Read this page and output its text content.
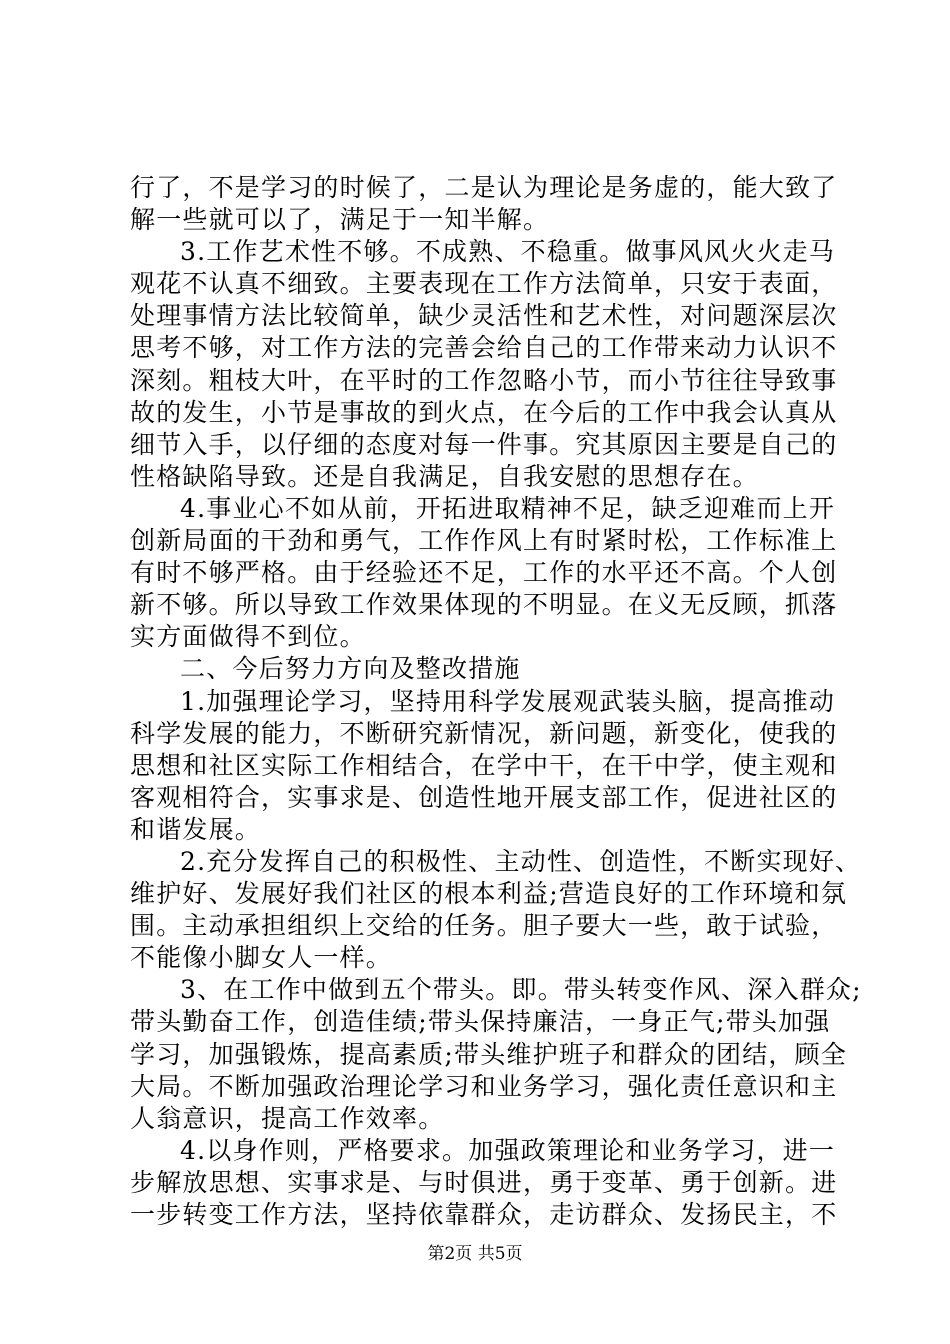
行了，不是学习的时候了，二是认为理论是务虚的，能大致了
解一些就可以了，满足于一知半解。
3.工作艺术性不够。不成熟、不稳重。做事风风火火走马
观花不认真不细致。主要表现在工作方法简单，只安于表面，
处理事情方法比较简单，缺少灵活性和艺术性，对问题深层次
思考不够，对工作方法的完善会给自己的工作带来动力认识不
深刻。粗枝大叶，在平时的工作忽略小节，而小节往往导致事
故的发生，小节是事故的到火点，在今后的工作中我会认真从
细节入手，以仔细的态度对每一件事。究其原因主要是自己的
性格缺陷导致。还是自我满足，自我安慰的思想存在。
4.事业心不如从前，开拓进取精神不足，缺乏迎难而上开
创新局面的干劲和勇气，工作作风上有时紧时松，工作标准上
有时不够严格。由于经验还不足，工作的水平还不高。个人创
新不够。所以导致工作效果体现的不明显。在义无反顾，抓落
实方面做得不到位。
二、今后努力方向及整改措施
1.加强理论学习，坚持用科学发展观武装头脑，提高推动
科学发展的能力，不断研究新情况，新问题，新变化，使我的
思想和社区实际工作相结合，在学中干，在干中学，使主观和
客观相符合，实事求是、创造性地开展支部工作，促进社区的
和谐发展。
2.充分发挥自己的积极性、主动性、创造性，不断实现好、
维护好、发展好我们社区的根本利益;营造良好的工作环境和氛
围。主动承担组织上交给的任务。胆子要大一些，敢于试验，
不能像小脚女人一样。
3、在工作中做到五个带头。即。带头转变作风、深入群众;
带头勤奋工作，创造佳绩;带头保持廉洁，一身正气;带头加强
学习，加强锻炼，提高素质;带头维护班子和群众的团结，顾全
大局。不断加强政治理论学习和业务学习，强化责任意识和主
人翁意识，提高工作效率。
4.以身作则，严格要求。加强政策理论和业务学习，进一
步解放思想、实事求是、与时俱进，勇于变革、勇于创新。进
一步转变工作方法，坚持依靠群众，走访群众、发扬民主，不
第2页 共5页
